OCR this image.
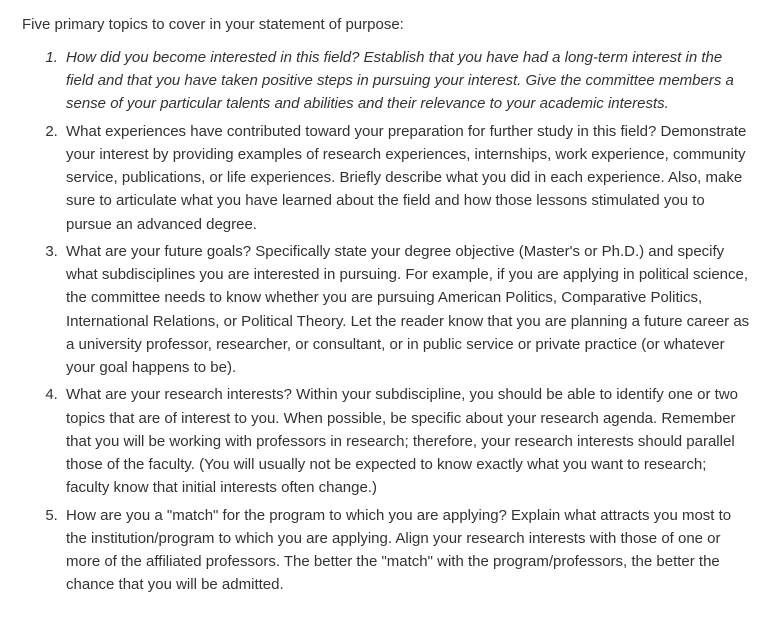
Five primary topics to cover in your statement of purpose:

1. How did you become interested in this field? Establish that you have had a long-term interest in the field and that you have taken positive steps in pursuing your interest. Give the committee members a sense of your particular talents and abilities and their relevance to your academic interests.
2. What experiences have contributed toward your preparation for further study in this field? Demonstrate your interest by providing examples of research experiences, internships, work experience, community service, publications, or life experiences. Briefly describe what you did in each experience. Also, make sure to articulate what you have learned about the field and how those lessons stimulated you to pursue an advanced degree.
3. What are your future goals? Specifically state your degree objective (Master's or Ph.D.) and specify what subdisciplines you are interested in pursuing. For example, if you are applying in political science, the committee needs to know whether you are pursuing American Politics, Comparative Politics, International Relations, or Political Theory. Let the reader know that you are planning a future career as a university professor, researcher, or consultant, or in public service or private practice (or whatever your goal happens to be).
4. What are your research interests? Within your subdiscipline, you should be able to identify one or two topics that are of interest to you. When possible, be specific about your research agenda. Remember that you will be working with professors in research; therefore, your research interests should parallel those of the faculty. (You will usually not be expected to know exactly what you want to research; faculty know that initial interests often change.)
5. How are you a "match" for the program to which you are applying? Explain what attracts you most to the institution/program to which you are applying. Align your research interests with those of one or more of the affiliated professors. The better the "match" with the program/professors, the better the chance that you will be admitted.
